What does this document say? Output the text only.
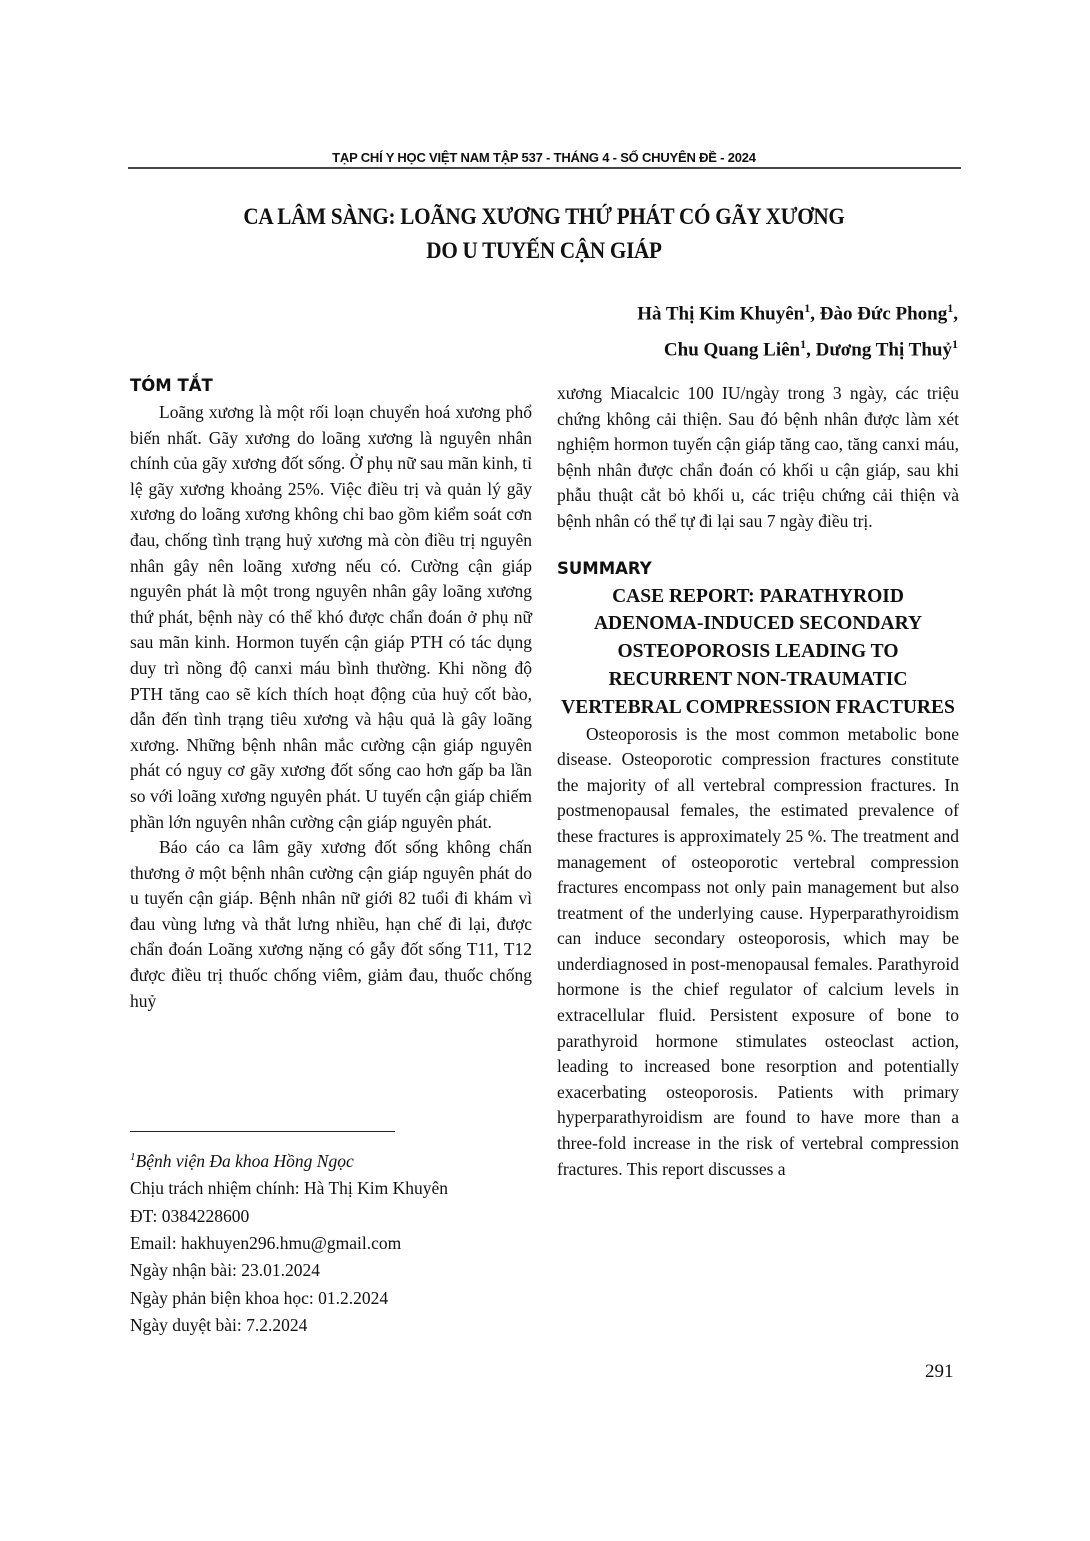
TẠP CHÍ Y HỌC VIỆT NAM TẬP 537 - THÁNG 4 - SỐ CHUYÊN ĐỀ - 2024
CA LÂM SÀNG: LOÃNG XƯƠNG THỨ PHÁT CÓ GÃY XƯƠNG
DO U TUYẾN CẬN GIÁP
Hà Thị Kim Khuyên$^1$, Đào Đức Phong$^1$,
Chu Quang Liên$^1$, Dương Thị Thuỷ$^1$
TÓM TẮT

Loãng xương là một rối loạn chuyển hoá xương phổ biến nhất. Gãy xương do loãng xương là nguyên nhân chính của gãy xương đốt sống. Ở phụ nữ sau mãn kinh, tỉ lệ gãy xương khoảng 25%. Việc điều trị và quản lý gãy xương do loãng xương không chỉ bao gồm kiểm soát cơn đau, chống tình trạng huỷ xương mà còn điều trị nguyên nhân gây nên loãng xương nếu có. Cường cận giáp nguyên phát là một trong nguyên nhân gây loãng xương thứ phát, bệnh này có thể khó được chẩn đoán ở phụ nữ sau mãn kinh. Hormon tuyến cận giáp PTH có tác dụng duy trì nồng độ canxi máu bình thường. Khi nồng độ PTH tăng cao sẽ kích thích hoạt động của huỷ cốt bào, dẫn đến tình trạng tiêu xương và hậu quả là gây loãng xương. Những bệnh nhân mắc cường cận giáp nguyên phát có nguy cơ gãy xương đốt sống cao hơn gấp ba lần so với loãng xương nguyên phát. U tuyến cận giáp chiếm phần lớn nguyên nhân cường cận giáp nguyên phát.

Báo cáo ca lâm gãy xương đốt sống không chấn thương ở một bệnh nhân cường cận giáp nguyên phát do u tuyến cận giáp. Bệnh nhân nữ giới 82 tuổi đi khám vì đau vùng lưng và thắt lưng nhiều, hạn chế đi lại, được chẩn đoán Loãng xương nặng có gẫy đốt sống T11, T12 được điều trị thuốc chống viêm, giảm đau, thuốc chống huỷ

$^1$Bệnh viện Đa khoa Hồng Ngọc
Chịu trách nhiệm chính: Hà Thị Kim Khuyên
ĐT: 0384228600
Email: hakhuyen296.hmu@gmail.com
Ngày nhận bài: 23.01.2024
Ngày phản biện khoa học: 01.2.2024
Ngày duyệt bài: 7.2.2024

xương Miacalcic 100 IU/ngày trong 3 ngày, các triệu chứng không cải thiện. Sau đó bệnh nhân được làm xét nghiệm hormon tuyến cận giáp tăng cao, tăng canxi máu, bệnh nhân được chẩn đoán có khối u cận giáp, sau khi phẫu thuật cắt bỏ khối u, các triệu chứng cải thiện và bệnh nhân có thể tự đi lại sau 7 ngày điều trị.

SUMMARY
CASE REPORT: PARATHYROID ADENOMA-INDUCED SECONDARY OSTEOPOROSIS LEADING TO RECURRENT NON-TRAUMATIC VERTEBRAL COMPRESSION FRACTURES

Osteoporosis is the most common metabolic bone disease. Osteoporotic compression fractures constitute the majority of all vertebral compression fractures. In postmenopausal females, the estimated prevalence of these fractures is approximately 25 %. The treatment and management of osteoporotic vertebral compression fractures encompass not only pain management but also treatment of the underlying cause. Hyperparathyroidism can induce secondary osteoporosis, which may be underdiagnosed in post-menopausal females. Parathyroid hormone is the chief regulator of calcium levels in extracellular fluid. Persistent exposure of bone to parathyroid hormone stimulates osteoclast action, leading to increased bone resorption and potentially exacerbating osteoporosis. Patients with primary hyperparathyroidism are found to have more than a three-fold increase in the risk of vertebral compression fractures. This report discusses a

291
